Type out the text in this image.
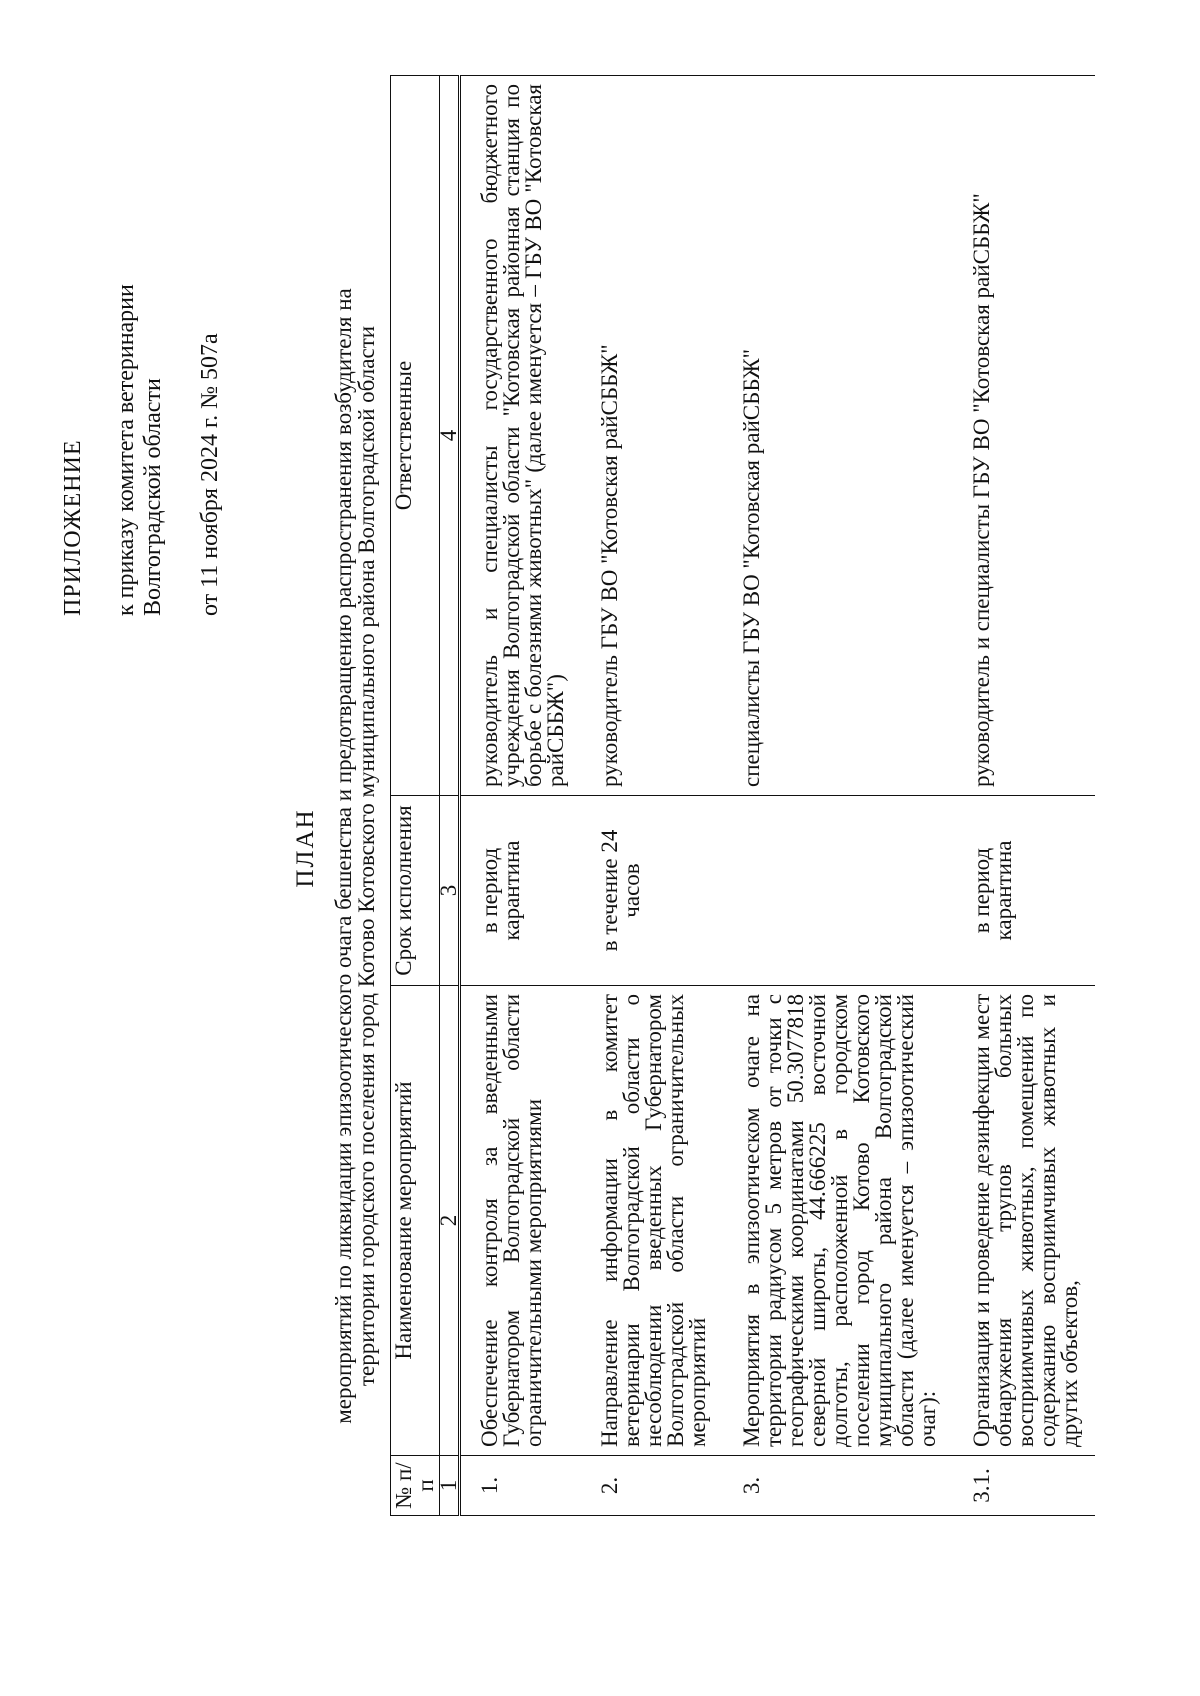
ПРИЛОЖЕНИЕ к приказу комитета ветеринарии Волгоградской области от 11 ноября 2024 г. № 507а
ПЛАН мероприятий по ликвидации эпизоотического очага бешенства и предотвращению распространения возбудителя на
территории городского поселения город Котово Котовского муниципального района Волгоградской области
№ п/п	Наименование мероприятий	Срок исполнения	Ответственные
1	2	3	4
1.	Обеспечение контроля за введенными Губернатором Волгоградской области ограничительными мероприятиями	в период карантина	руководитель и специалисты государственного бюджетного учреждения Волгоградской области "Котовская районная станция по борьбе с болезнями животных" (далее именуется – ГБУ ВО "Котовская райСББЖ")
2.	Направление информации в комитет ветеринарии Волгоградской области о несоблюдении введенных Губернатором Волгоградской области ограничительных мероприятий	в течение 24 часов	руководитель ГБУ ВО "Котовская райСББЖ"
3.	Мероприятия в эпизоотическом очаге на территории радиусом 5 метров от точки с географическими координатами 50.3077818 северной широты, 44.666225 восточной долготы, расположенной в городском поселении город Котово Котовского муниципального района Волгоградской области (далее именуется – эпизоотический очаг):		специалисты ГБУ ВО "Котовская райСББЖ"
3.1.	Организация и проведение дезинфекции мест обнаружения трупов больных восприимчивых животных, помещений по содержанию восприимчивых животных и других объектов,	в период карантина	руководитель и специалисты ГБУ ВО "Котовская райСББЖ"
